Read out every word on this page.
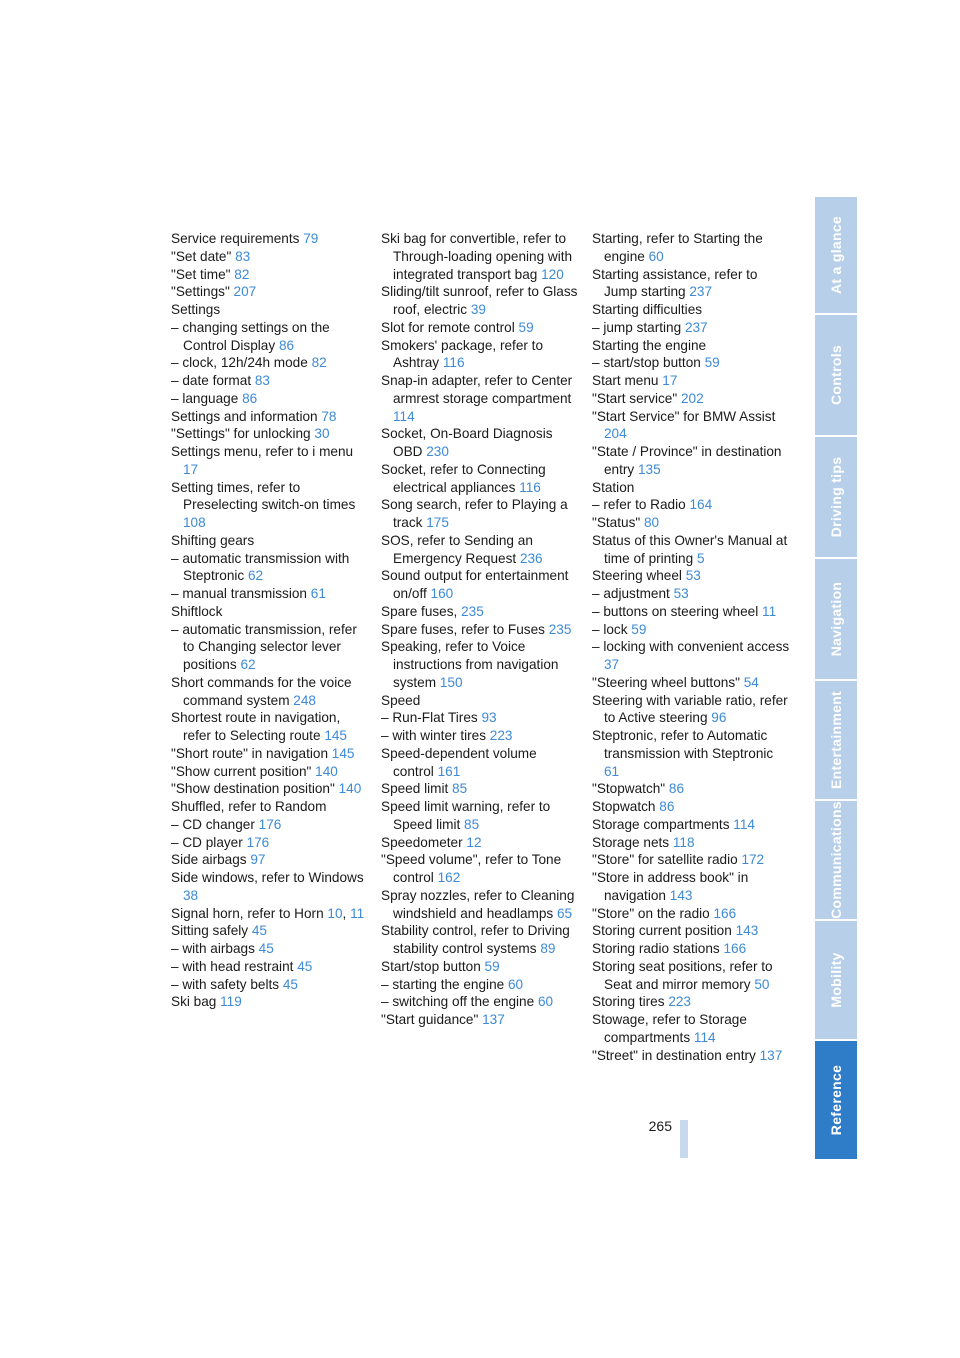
Service requirements 79

"Set date" 83

"Set time" 82

"Settings" 207

Settings

– changing settings on the Control Display 86

– clock, 12h/24h mode 82

– date format 83

– language 86

Settings and information 78

"Settings" for unlocking 30

Settings menu, refer to i menu 17

Setting times, refer to Preselecting switch-on times 108

Shifting gears

– automatic transmission with Steptronic 62

– manual transmission 61

Shiftlock

– automatic transmission, refer to Changing selector lever positions 62

Short commands for the voice command system 248

Shortest route in navigation, refer to Selecting route 145

"Short route" in navigation 145

"Show current position" 140

"Show destination position" 140

Shuffled, refer to Random

– CD changer 176

– CD player 176

Side airbags 97

Side windows, refer to Windows 38

Signal horn, refer to Horn 10, 11

Sitting safely 45

– with airbags 45

– with head restraint 45

– with safety belts 45

Ski bag 119

Ski bag for convertible, refer to Through-loading opening with integrated transport bag 120

Sliding/tilt sunroof, refer to Glass roof, electric 39

Slot for remote control 59

Smokers' package, refer to Ashtray 116

Snap-in adapter, refer to Center armrest storage compartment 114

Socket, On-Board Diagnosis OBD 230

Socket, refer to Connecting electrical appliances 116

Song search, refer to Playing a track 175

SOS, refer to Sending an Emergency Request 236

Sound output for entertainment on/off 160

Spare fuses, 235

Spare fuses, refer to Fuses 235

Speaking, refer to Voice instructions from navigation system 150

Speed

– Run-Flat Tires 93

– with winter tires 223

Speed-dependent volume control 161

Speed limit 85

Speed limit warning, refer to Speed limit 85

Speedometer 12

"Speed volume", refer to Tone control 162

Spray nozzles, refer to Cleaning windshield and headlamps 65

Stability control, refer to Driving stability control systems 89

Start/stop button 59

– starting the engine 60

– switching off the engine 60

"Start guidance" 137

Starting, refer to Starting the engine 60

Starting assistance, refer to Jump starting 237

Starting difficulties

– jump starting 237

Starting the engine

– start/stop button 59

Start menu 17

"Start service" 202

"Start Service" for BMW Assist 204

"State / Province" in destination entry 135

Station

– refer to Radio 164

"Status" 80

Status of this Owner's Manual at time of printing 5

Steering wheel 53

– adjustment 53

– buttons on steering wheel 11

– lock 59

– locking with convenient access 37

"Steering wheel buttons" 54

Steering with variable ratio, refer to Active steering 96

Steptronic, refer to Automatic transmission with Steptronic 61

"Stopwatch" 86

Stopwatch 86

Storage compartments 114

Storage nets 118

"Store" for satellite radio 172

"Store in address book" in navigation 143

"Store" on the radio 166

Storing current position 143

Storing radio stations 166

Storing seat positions, refer to Seat and mirror memory 50

Storing tires 223

Stowage, refer to Storage compartments 114

"Street" in destination entry 137

265
At a glance
Controls
Driving tips
Navigation
Entertainment
Communications
Mobility
Reference
